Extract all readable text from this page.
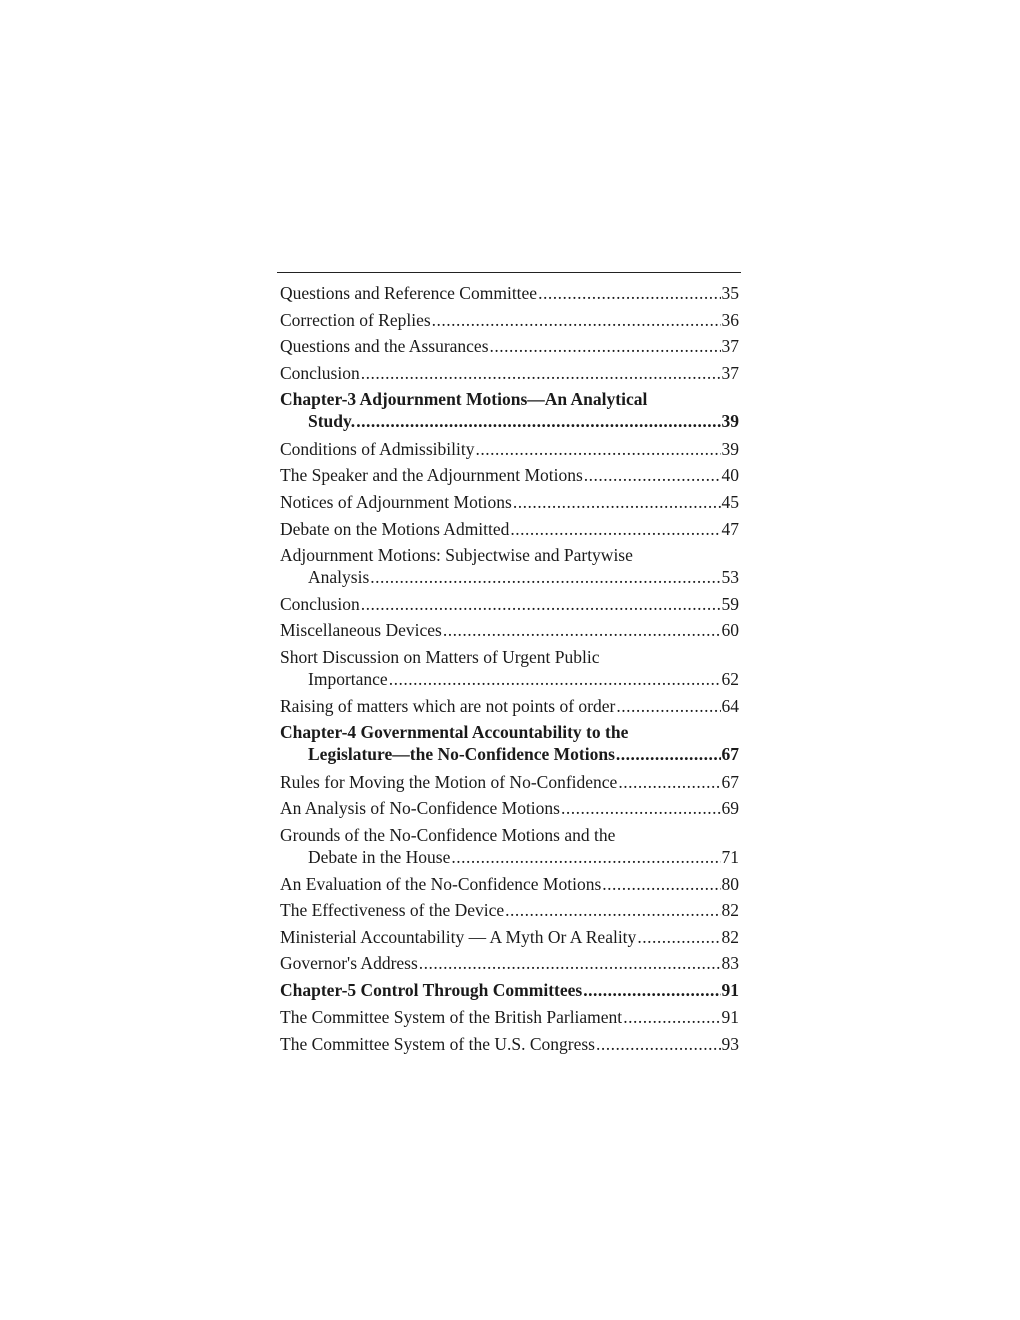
Questions and Reference Committee .....	35
Correction of Replies .....	36
Questions and the Assurances .....	37
Conclusion .....	37
Chapter-3 Adjournment Motions—An Analytical
Study. .....	39
Conditions of Admissibility .....	39
The Speaker and the Adjournment Motions .....	40
Notices of Adjournment Motions .....	45
Debate on the Motions Admitted .....	47
Adjournment Motions: Subjectwise and Partywise
Analysis .....	53
Conclusion .....	59
Miscellaneous Devices .....	60
Short Discussion on Matters of Urgent Public
Importance .....	62
Raising of matters which are not points of order .....	64
Chapter-4 Governmental Accountability to the
Legislature—the No-Confidence Motions .....	67
Rules for Moving the Motion of No-Confidence .....	67
An Analysis of No-Confidence Motions .....	69
Grounds of the No-Confidence Motions and the
Debate in the House .....	71
An Evaluation of the No-Confidence Motions .....	80
The Effectiveness of the Device .....	82
Ministerial Accountability — A Myth Or A Reality .....	82
Governor's Address .....	83
Chapter-5 Control Through Committees .....	91
The Committee System of the British Parliament .....	91
The Committee System of the U.S. Congress .....	93
